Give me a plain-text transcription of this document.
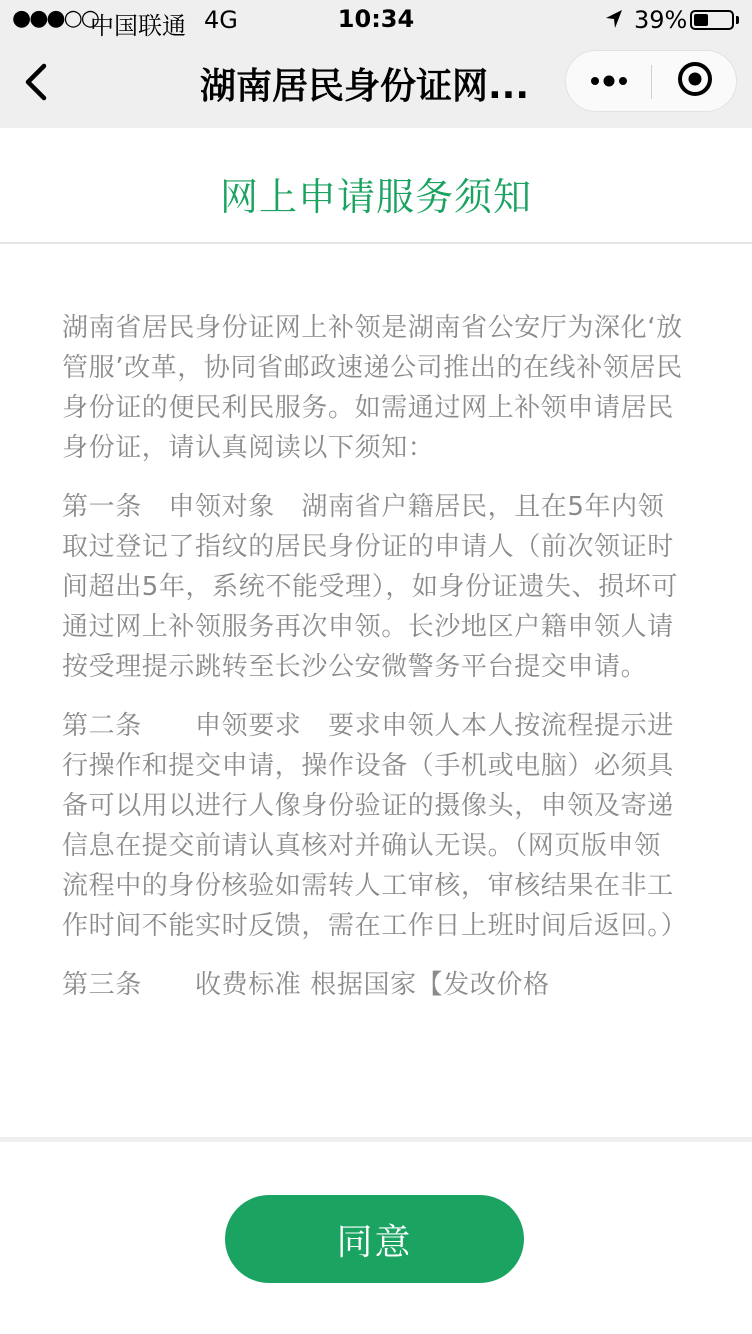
●●●○○
中国联通 4G	10:34	39%
湖南居民身份证网...
网上申请服务须知

湖南省居民身份证网上补领是湖南省公安厅为深化‘放管服’改革，协同省邮政速递公司推出的在线补领居民身份证的便民利民服务。如需通过网上补领申请居民身份证，请认真阅读以下须知：

第一条　申领对象　湖南省户籍居民，且在5年内领取过登记了指纹的居民身份证的申请人（前次领证时间超出5年，系统不能受理），如身份证遗失、损坏可通过网上补领服务再次申领。长沙地区户籍申领人请按受理提示跳转至长沙公安微警务平台提交申请。

第二条　　申领要求　要求申领人本人按流程提示进行操作和提交申请，操作设备（手机或电脑）必须具备可以用以进行人像身份验证的摄像头，申领及寄递信息在提交前请认真核对并确认无误。（网页版申领流程中的身份核验如需转人工审核，审核结果在非工作时间不能实时反馈，需在工作日上班时间后返回。）

第三条　　收费标准 根据国家【发改价格

同意
